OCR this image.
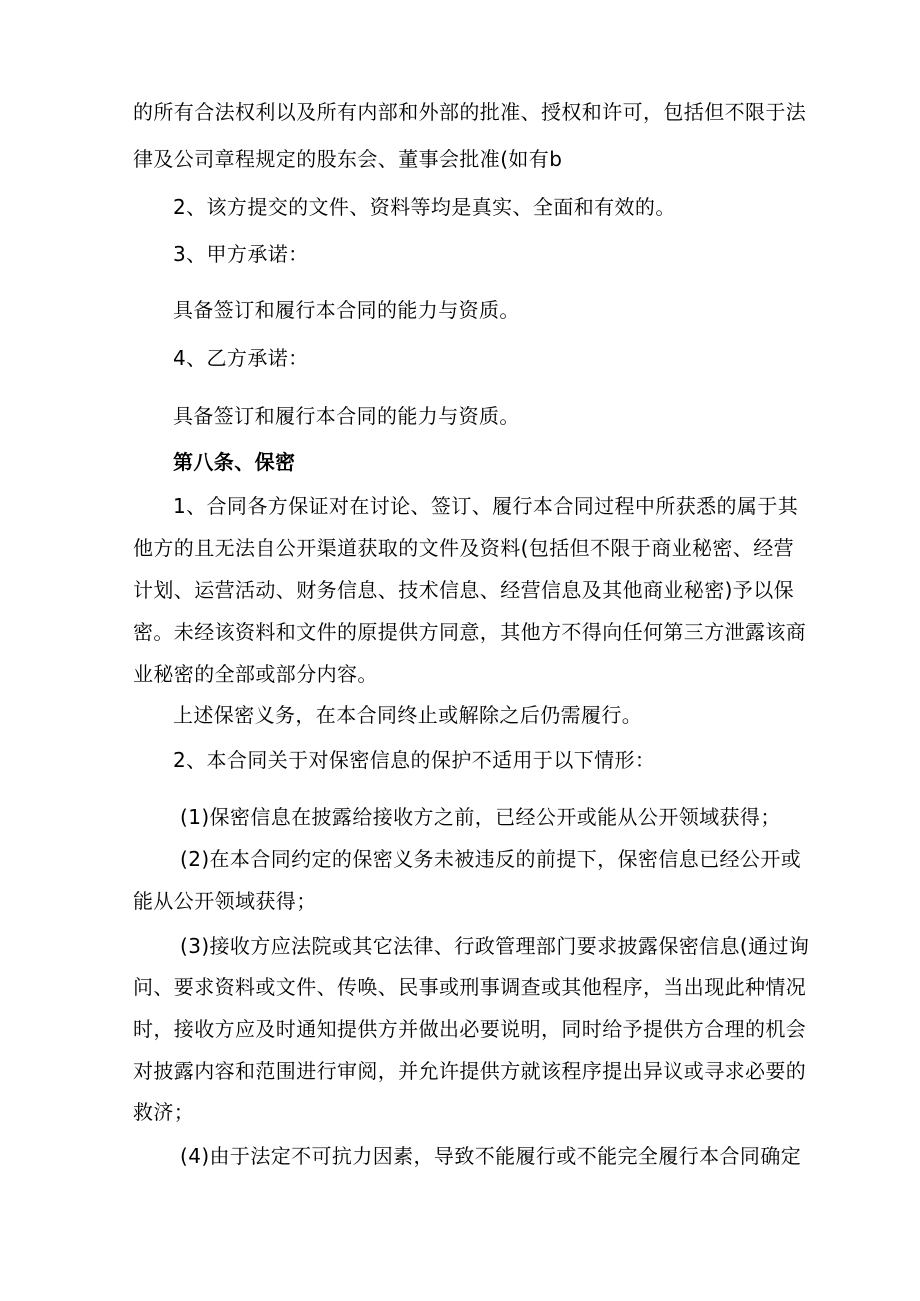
的所有合法权利以及所有内部和外部的批准、授权和许可，包括但不限于法
律及公司章程规定的股东会、董事会批准(如有b
2、该方提交的文件、资料等均是真实、全面和有效的。
3、甲方承诺：
具备签订和履行本合同的能力与资质。
4、乙方承诺：
具备签订和履行本合同的能力与资质。
第八条、保密
1、合同各方保证对在讨论、签订、履行本合同过程中所获悉的属于其
他方的且无法自公开渠道获取的文件及资料(包括但不限于商业秘密、经营
计划、运营活动、财务信息、技术信息、经营信息及其他商业秘密)予以保
密。未经该资料和文件的原提供方同意，其他方不得向任何第三方泄露该商
业秘密的全部或部分内容。
上述保密义务，在本合同终止或解除之后仍需履行。
2、本合同关于对保密信息的保护不适用于以下情形：
(1)保密信息在披露给接收方之前，已经公开或能从公开领域获得；
(2)在本合同约定的保密义务未被违反的前提下，保密信息已经公开或
能从公开领域获得；
(3)接收方应法院或其它法律、行政管理部门要求披露保密信息(通过询
问、要求资料或文件、传唤、民事或刑事调查或其他程序，当出现此种情况
时，接收方应及时通知提供方并做出必要说明，同时给予提供方合理的机会
对披露内容和范围进行审阅，并允许提供方就该程序提出异议或寻求必要的
救济；
(4)由于法定不可抗力因素，导致不能履行或不能完全履行本合同确定
